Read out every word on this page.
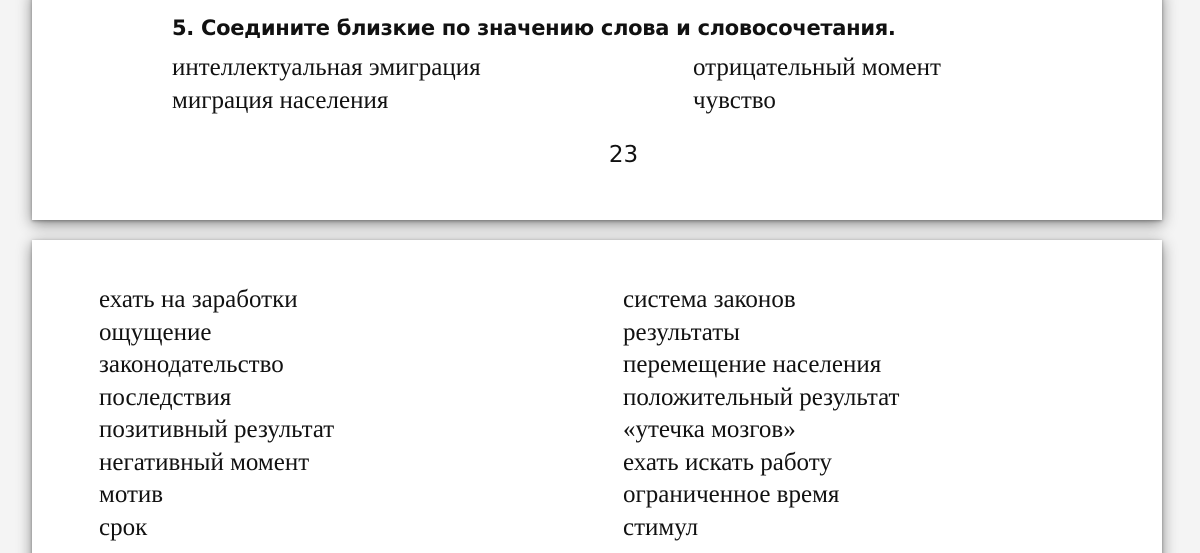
5. Соедините близкие по значению слова и словосочетания.
интеллектуальная эмиграция
миграция населения
отрицательный момент
чувство
23
ехать на заработки
ощущение
законодательство
последствия
позитивный результат
негативный момент
мотив
срок
система законов
результаты
перемещение населения
положительный результат
«утечка мозгов»
ехать искать работу
ограниченное время
стимул
